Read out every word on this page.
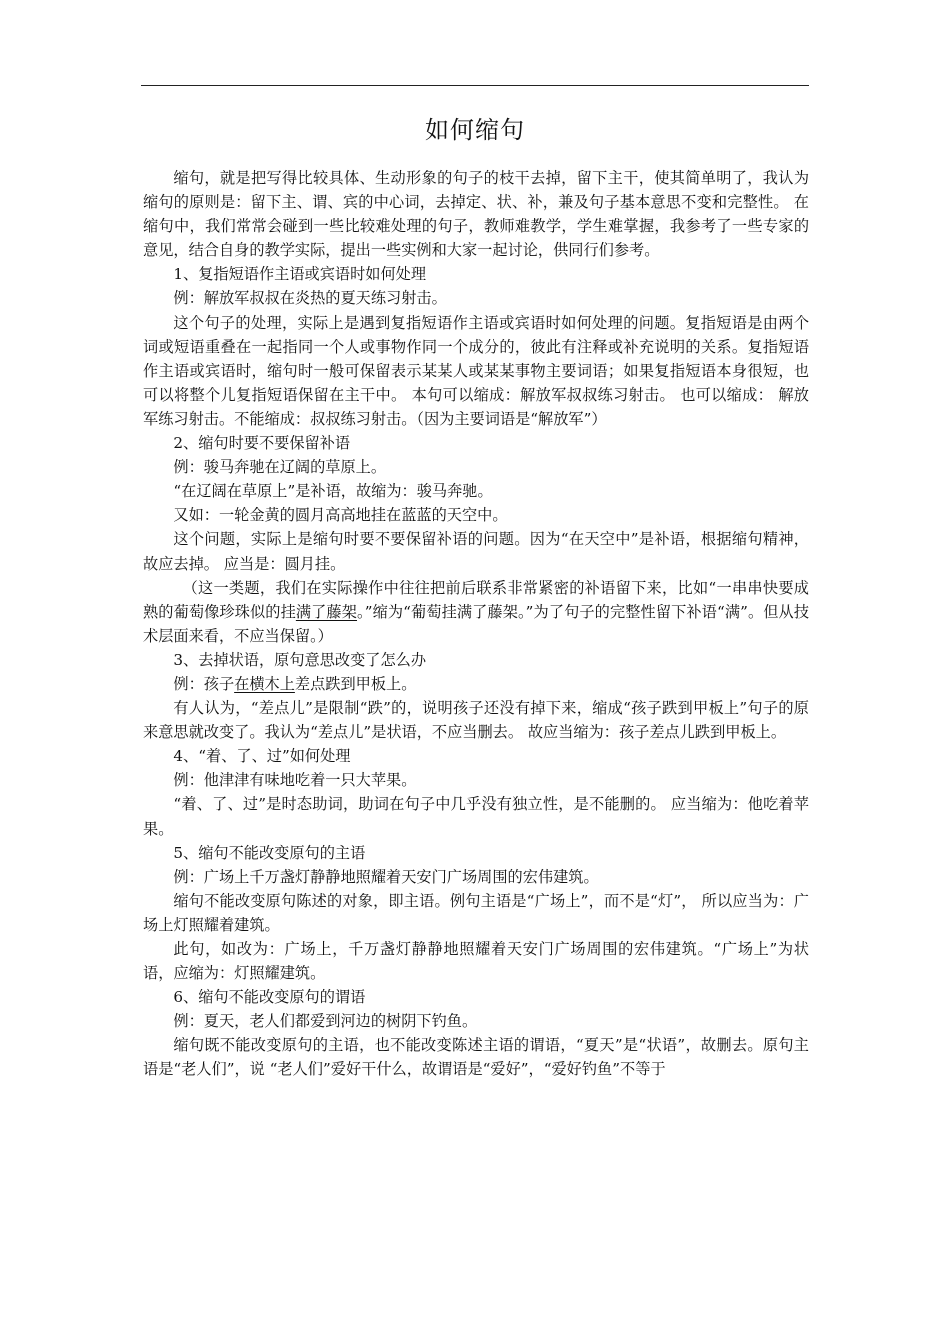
如何缩句

缩句，就是把写得比较具体、生动形象的句子的枝干去掉，留下主干，使其简单明了，我认为缩句的原则是：留下主、谓、宾的中心词，去掉定、状、补，兼及句子基本意思不变和完整性。 在缩句中，我们常常会碰到一些比较难处理的句子，教师难教学，学生难掌握，我参考了一些专家的意见，结合自身的教学实际，提出一些实例和大家一起讨论，供同行们参考。

1、复指短语作主语或宾语时如何处理

例：解放军叔叔在炎热的夏天练习射击。

这个句子的处理，实际上是遇到复指短语作主语或宾语时如何处理的问题。复指短语是由两个词或短语重叠在一起指同一个人或事物作同一个成分的，彼此有注释或补充说明的关系。复指短语作主语或宾语时，缩句时一般可保留表示某某人或某某事物主要词语；如果复指短语本身很短，也可以将整个儿复指短语保留在主干中。 本句可以缩成：解放军叔叔练习射击。 也可以缩成： 解放军练习射击。不能缩成：叔叔练习射击。（因为主要词语是“解放军”）

2、缩句时要不要保留补语

例：骏马奔驰在辽阔的草原上。

“在辽阔在草原上”是补语，故缩为：骏马奔驰。

又如：一轮金黄的圆月高高地挂在蓝蓝的天空中。

这个问题，实际上是缩句时要不要保留补语的问题。因为“在天空中”是补语，根据缩句精神，故应去掉。 应当是：圆月挂。

（这一类题，我们在实际操作中往往把前后联系非常紧密的补语留下来，比如“一串串快要成熟的葡萄像珍珠似的挂满了藤架。”缩为“葡萄挂满了藤架。”为了句子的完整性留下补语“满”。但从技术层面来看，不应当保留。）

3、去掉状语，原句意思改变了怎么办

例：孩子在横木上差点跌到甲板上。

有人认为，“差点儿”是限制“跌”的，说明孩子还没有掉下来，缩成“孩子跌到甲板上”句子的原来意思就改变了。我认为“差点儿”是状语，不应当删去。 故应当缩为：孩子差点儿跌到甲板上。

4、“着、了、过”如何处理

例：他津津有味地吃着一只大苹果。

“着、了、过”是时态助词，助词在句子中几乎没有独立性，是不能删的。 应当缩为：他吃着苹果。

5、缩句不能改变原句的主语

例：广场上千万盏灯静静地照耀着天安门广场周围的宏伟建筑。

缩句不能改变原句陈述的对象，即主语。例句主语是“广场上”，而不是“灯”， 所以应当为：广场上灯照耀着建筑。

此句，如改为：广场上，千万盏灯静静地照耀着天安门广场周围的宏伟建筑。“广场上”为状语，应缩为：灯照耀建筑。

6、缩句不能改变原句的谓语

例：夏天，老人们都爱到河边的树阴下钓鱼。

缩句既不能改变原句的主语，也不能改变陈述主语的谓语，“夏天”是“状语”，故删去。原句主语是“老人们”，说 “老人们”爱好干什么，故谓语是“爱好”，“爱好钓鱼”不等于
